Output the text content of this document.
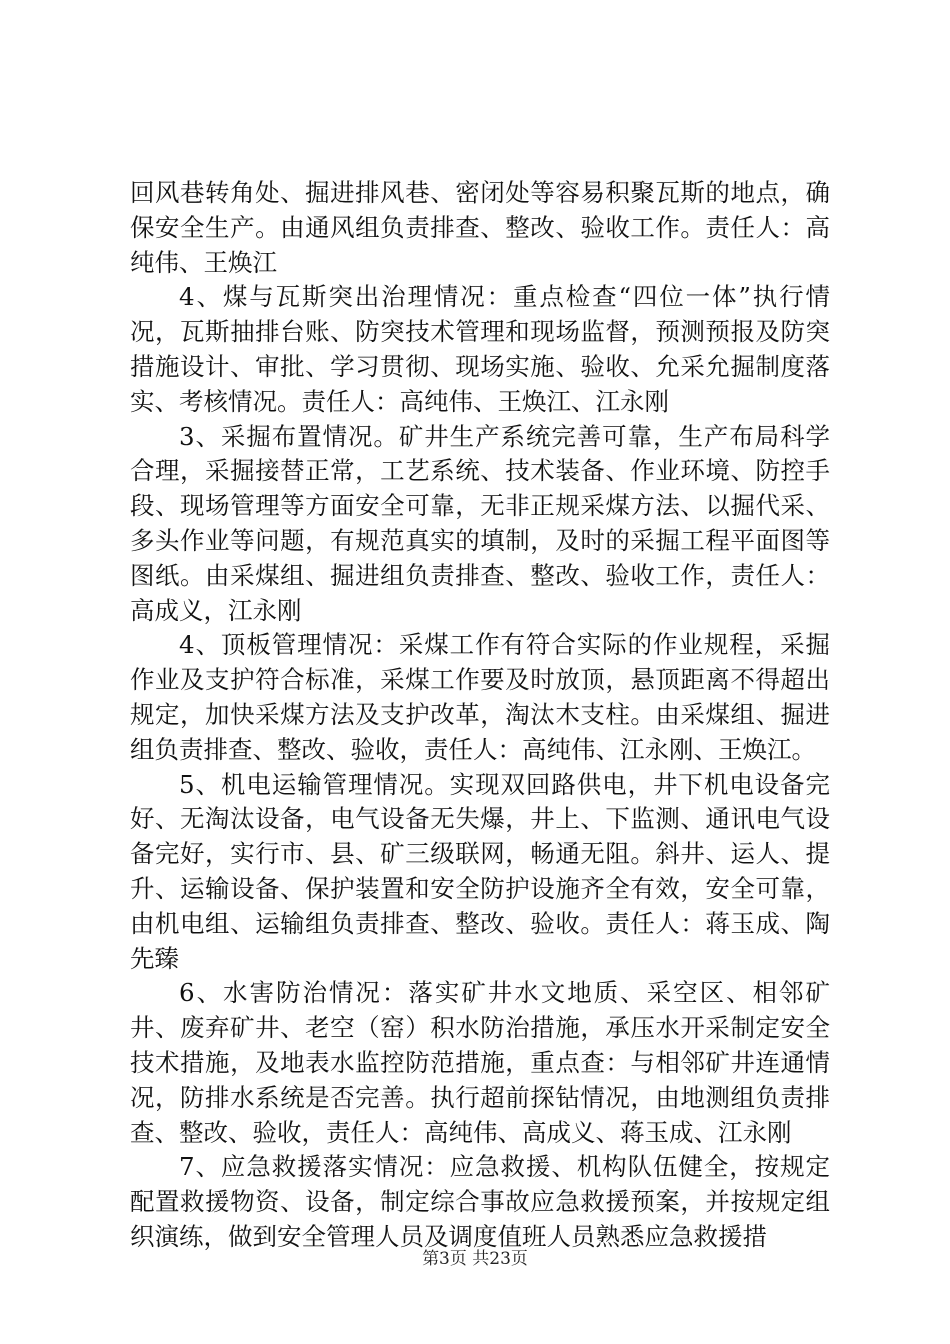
回风巷转角处、掘进排风巷、密闭处等容易积聚瓦斯的地点，确保安全生产。由通风组负责排查、整改、验收工作。责任人：高纯伟、王焕江

4、煤与瓦斯突出治理情况：重点检查“四位一体”执行情况，瓦斯抽排台账、防突技术管理和现场监督，预测预报及防突措施设计、审批、学习贯彻、现场实施、验收、允采允掘制度落实、考核情况。责任人：高纯伟、王焕江、江永刚

3、采掘布置情况。矿井生产系统完善可靠，生产布局科学合理，采掘接替正常，工艺系统、技术装备、作业环境、防控手段、现场管理等方面安全可靠，无非正规采煤方法、以掘代采、多头作业等问题，有规范真实的填制，及时的采掘工程平面图等图纸。由采煤组、掘进组负责排查、整改、验收工作，责任人：高成义，江永刚

4、顶板管理情况：采煤工作有符合实际的作业规程，采掘作业及支护符合标准，采煤工作要及时放顶，悬顶距离不得超出规定，加快采煤方法及支护改革，淘汰木支柱。由采煤组、掘进组负责排查、整改、验收，责任人：高纯伟、江永刚、王焕江。

5、机电运输管理情况。实现双回路供电，井下机电设备完好、无淘汰设备，电气设备无失爆，井上、下监测、通讯电气设备完好，实行市、县、矿三级联网，畅通无阻。斜井、运人、提升、运输设备、保护装置和安全防护设施齐全有效，安全可靠，由机电组、运输组负责排查、整改、验收。责任人：蒋玉成、陶先臻

6、水害防治情况：落实矿井水文地质、采空区、相邻矿井、废弃矿井、老空（窑）积水防治措施，承压水开采制定安全技术措施，及地表水监控防范措施，重点查：与相邻矿井连通情况，防排水系统是否完善。执行超前探钻情况，由地测组负责排查、整改、验收，责任人：高纯伟、高成义、蒋玉成、江永刚

7、应急救援落实情况：应急救援、机构队伍健全，按规定配置救援物资、设备，制定综合事故应急救援预案，并按规定组织演练，做到安全管理人员及调度值班人员熟悉应急救援措

第3页 共23页
